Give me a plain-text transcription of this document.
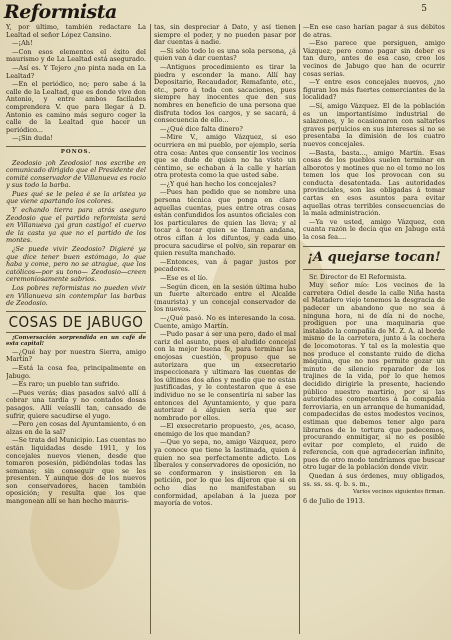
Reformista	5

Y, por último, también redactare La Lealtad el señor López Cansino.

—¡Ah!

—Con esos elementos el éxito del maurismo y de La Lealtad está asegurado.

—Así es. Y Tejero ¿no pinta nada en La Lealtad?

—En el periódico, no; pero sabe á la calle de la Lealtad, que es donde vive don Antonio, y entre ambos facilades comprendera V. que para llegar á D. Antonio es camino más seguro coger la calle de la Lealtad que hacer un periódico...

—¡Sin duda!

PONOS.

Zeodosio ¡oh Zeodosio! nos escribe en comunicado dirigido que el Presidente del comité conservador de Villanueva es rocio y sus todo la barba.

Pues qué se le pelea é se la arlstea ya que viene apartando los colores.

Y echando tierra para atrás aseguro Zeodosio que el partido reformista será en Villanueva ¡yá gran castigo! el cuervo de la casta ya que no el partido de los montes.

¿Se puede vivir Zeodosio? Digieré ya que dice tener buen estómago, lo que haba y come, pero no se atrague, que los católicos—por su tono— Zeodosio—creen ceremoniosamente sabrios.

Los pobres reformistas no pueden vivir en Villanueva sin contemplar las barbas de Zeodosio.

COSAS DE JABUGO

¡Conversación sorprendida en un café de esta capital!

—¿Qué hay por nuestra Sierra, amigo Martín?

—Está la cosa fea, principalmente en Jabugo.

—Es raro; un pueblo tan sufrido.

—Pues verás; dias pasados salvó allí á cobrar una tardía y no contados dosas pasagos. Allí veíasllí tan, cansado de sufrir, quiere sacudirse el yugo.

—Pero ¿en cosas del Ayuntamiento, ó en alzas en de la sal?

—Se trata del Municipio. Las cuentas no están liquidadas desde 1911, y los concejales nuevos vienen, desde que tomaron posesión, pidiéndolas todas las semanas; sin conseguir que se les presenten. Y aunque dos de los nuevos son conservadores, hacen también oposición; y resulta que los que mangonean allí se han hecho mauris-

tas, sin despreciar á Dato, y así tienen siempre el poder, y no pueden pasar por dar cuentas á nadie.

—Si sólo todo lo es una sola persona, ¿á quien van á dar cuentas?

—Antiguos procedimiento es tirar la piedra y esconder la mano. Allí hay Depositario, Recaudador, Remafante, etc., etc., pero á toda con sacaciones, pues siempre hay inocentes que den sus nombres en beneficio de una persona que disfruta todos los cargos, y se sacará, á consecuencia de ello...

—¿Qué dice falta dinero?

—Mire V., amigo Vázquez, si eso ocurriera en mi pueblo, por ejemplo, sería otra cosa: Antes que consentir los vecinos que se dude de quien no ha visto un céntimo, se echaban á la calle y harían otra protesta como la que usted sabe.

—¿Y qué han hecho los concejales?

—Pues han pedido que se nombre una persona técnica que ponga en claro aquellas cuentas, pues entre otras cosas están confundidos los asuntos oficiales con los particulares de quien las lleva; y al tocar á tocar quien se llaman andana, otros ciflan á los difuntos, y cada uno procura sacudirse el polvo, sin reparar en quien resulta manchado.

—Entonces, van á pagar justos por pecadores.

—Ese es el lío.

—Según dicen, en la sesión última hubo un fuerte altercado entre el Alcalde (maurista) y un concejal conservador de los nuevos.

—¿Qué pasó. No es interesando la cosa. Cuente, amigo Martín.

—Pudo pasar á ser una pero, dado el mal cariz del asunto, pues el aludido concejal con la mejor buena fe, para terminar las enojosas cuestión, propuso que se autorizara que un exsecretario inspeccionara y ultimara las cuentas de los últimos dos años y medio que no están justificadas, y le contestaron que á ese individuo no se le consentiría ni saber las entonces del Ayuntamiento, y que para autorizar á alguien sería que ser nombrado por ellos.

—El exsecretario propuesto, ¿es, acaso, enemigo de los que mandan?

—Que yo sepa, no, amigo Vázquez, pero ya conoce que tiene la lastimada, quien á quien no sea perfectamente adicto. Los liberales y conservadores de oposición, no se conformaron y insistieron en la petición, por lo que les dijeron que si en ocho días no manifestaban su conformidad, apelaban á la jueza por mayoría de votos.

—En ese caso harían pagar á sus débitos de atras.

—Eso parece que persiguen, amigo Vázquez; pero como pagar sin deber es tan duro, antes de esa caso, creo los vecinos de Jabugo que han de ocurrir cosas serias.

—Y entre esos concejales nuevos, ¿no figuran los más fuertes comerciantes de la localidad?

—Sí, amigo Vázquez. El de la población es un importantísimo industrial de salazones, y le ocasionaron con saltarles graves perjuicios en sus intereses si no se presentaba la dimisión de los cuatro nuevos concejales.

—Basta, basta..., amigo Martín. Esas cosas de los pueblos suelen terminar en alborotos y motines que no el tomo no los temen los que los provocan con su conducta desatentada. Las autoridades provinciales, son las obligadas á tomar cartas en esos asuntos para evitar aquellas otras terribles consecuencias de la mala administración.

—Ya ve usted, amigo Vázquez, con cuanta razón le decía que en Jabugo está la cosa fea....

¡A quejarse tocan!

Sr. Director de El Reformista.

Muy señor mío: Los vecinos de la carretera Odiel desde la calle Niña hasta el Matadero viejo tenemos la desgracia de padecer un abandono que no sea á ninguna hora, ni de día ni de noche, prodiguen por una maquinaria que instalado la compañía de M. Z. A. al borde mismo de la carretera, junto á la cochera de locomotoras. Y tal es la molestia que nos produce el constante ruido de dicha máquina, que no nos permite gozar un minuto de silencio reparador de los trajines de la vida, por lo que hemos decidido dirigirle la presente, haciendo público nuestro martirio, por si las autoridades competentes á la compañía ferroviaria, en un arranque de humanidad, compadecidas de estos modestos vecinos, estiman que debemos tener algo para librarnos de lo tortura que padecemos, procurando enmitigar, si no es posible evitar por completo, el ruido de referencia, con que agradecerían infinito, pues de otro modo tendríamos que buscar otro lugar de la población donde vivir.

Quedan á sus órdenes, muy obligados, ss. ss. ss. q. b. s. m.,

Varios vecinos siguientes firman.

6 de Julio de 1913.
